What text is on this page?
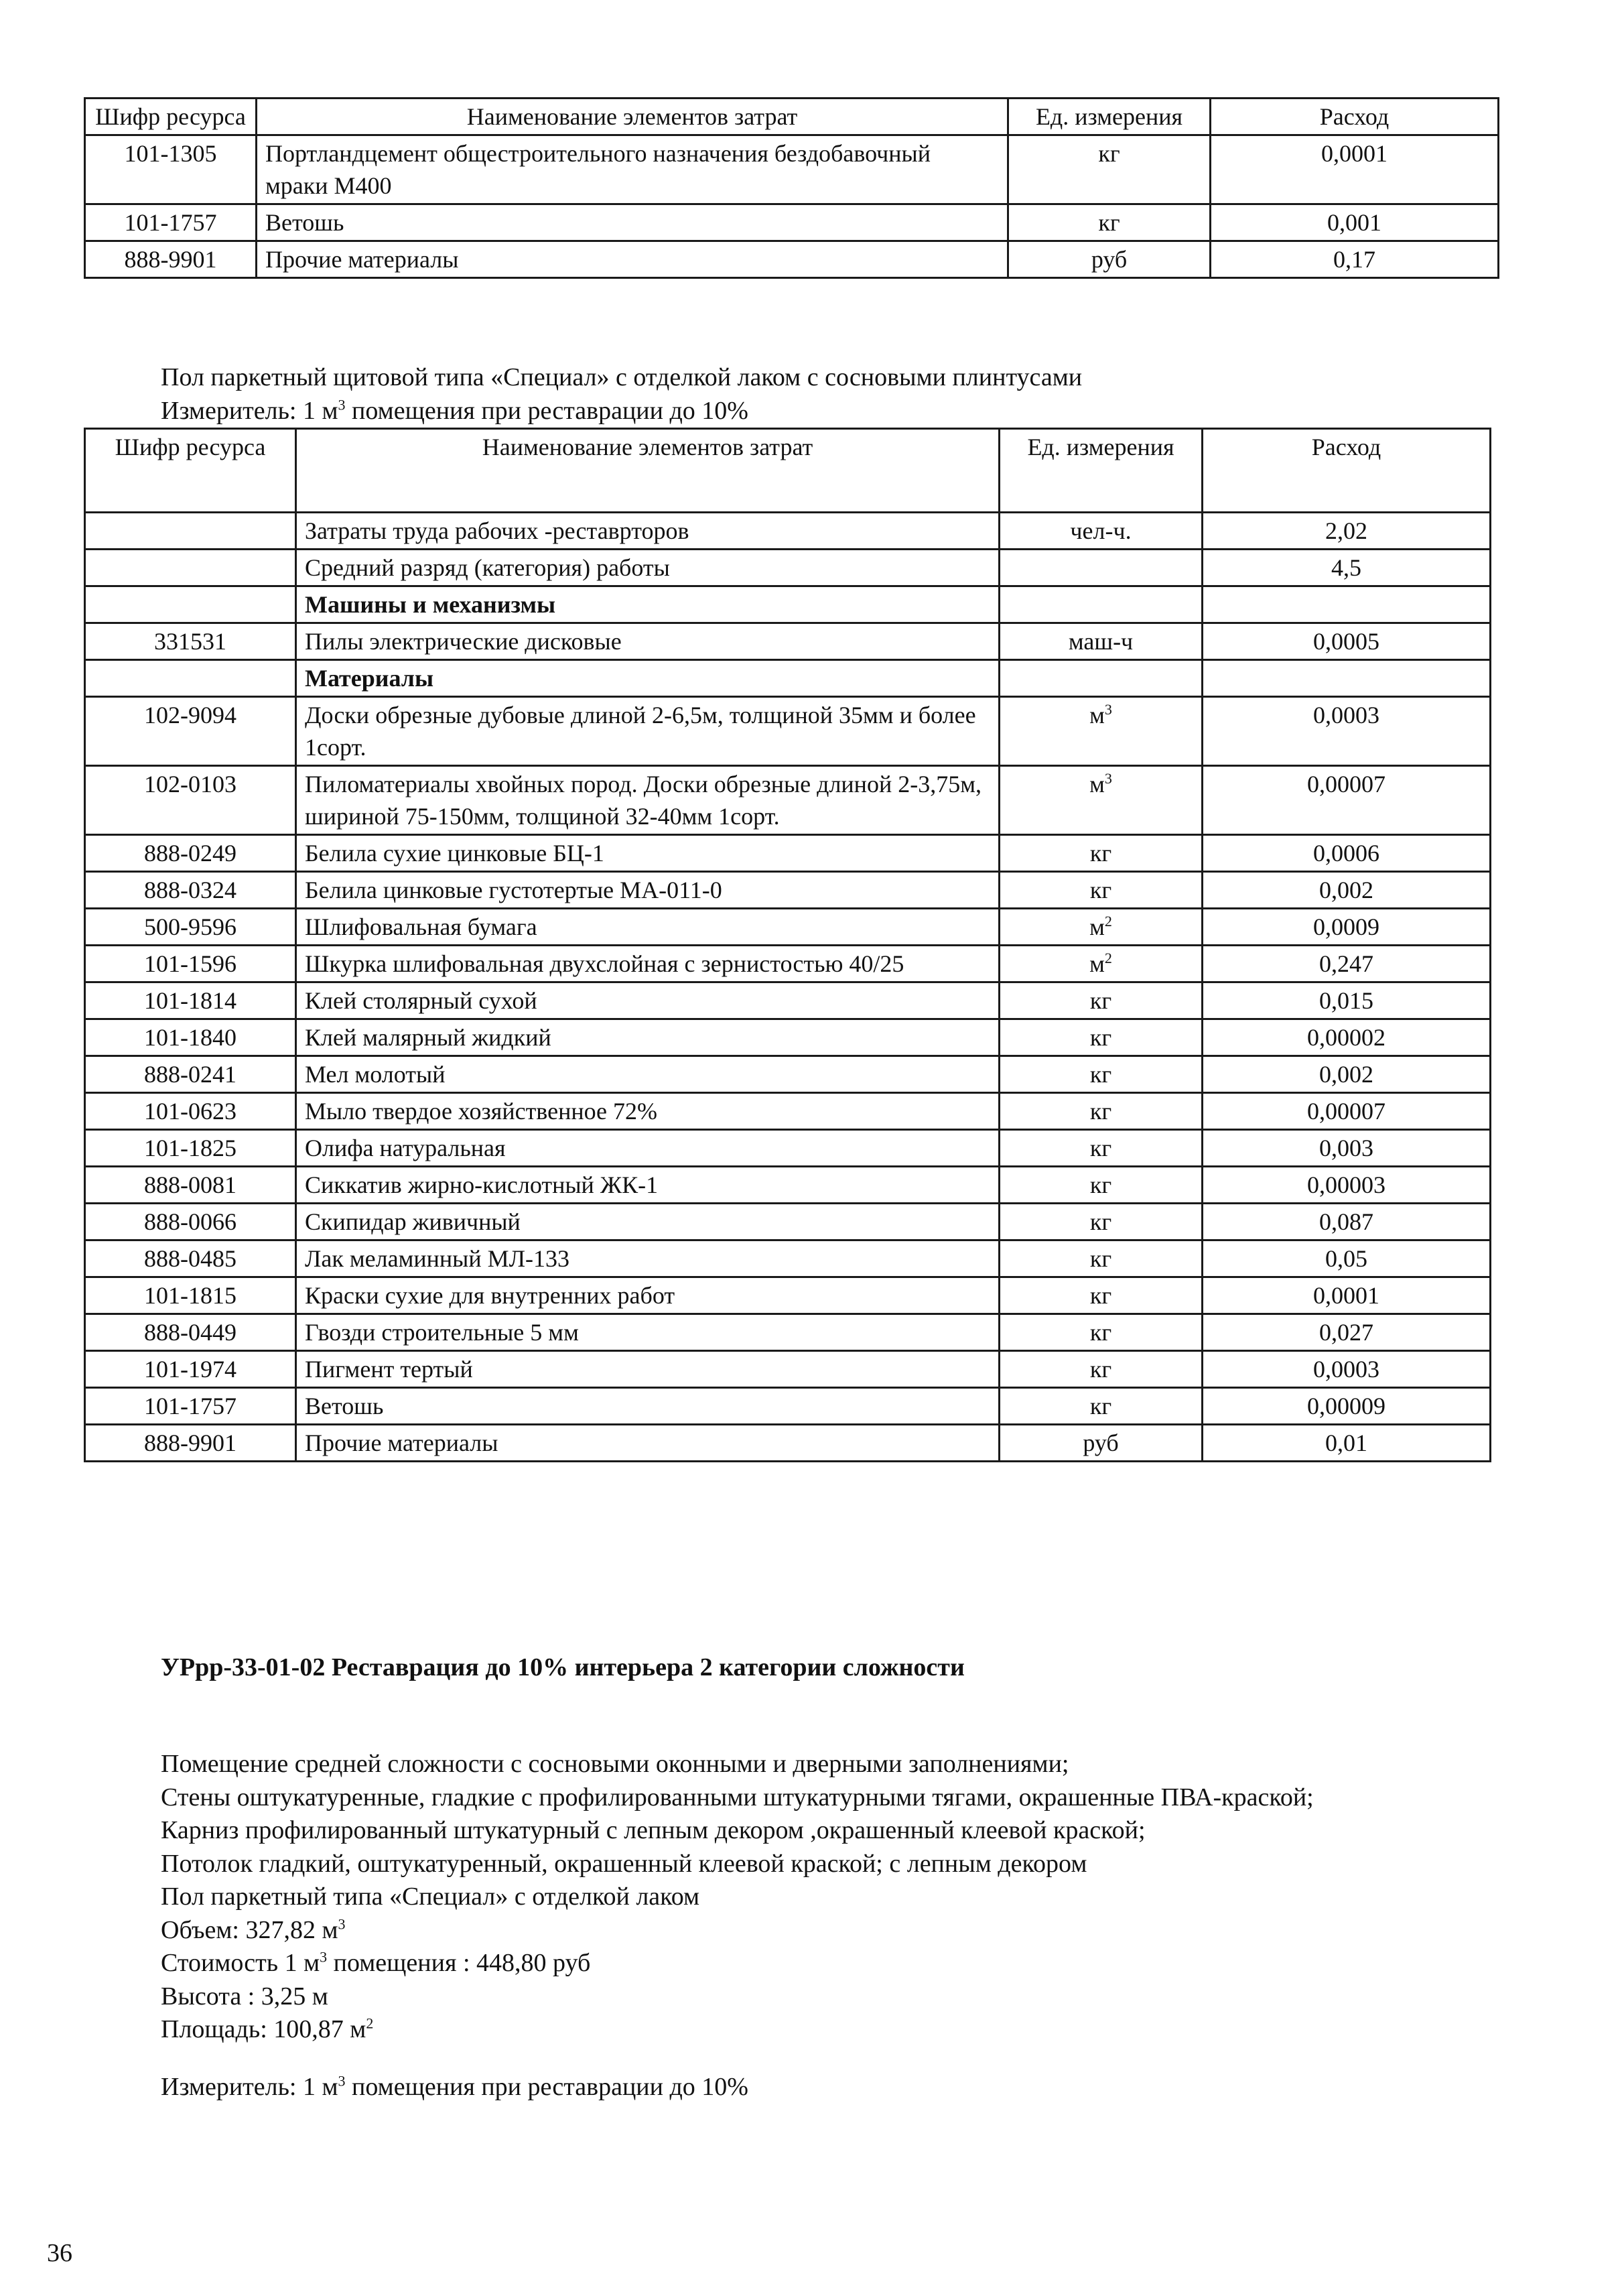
Шифр ресурса	Наименование элементов затрат	Ед. измерения	Расход
101-1305	Портландцемент общестроительного назначения бездобавочный мраки М400	кг	0,0001
101-1757	Ветошь	кг	0,001
888-9901	Прочие материалы	руб	0,17
Пол паркетный щитовой типа «Специал» с отделкой лаком с сосновыми плинтусами
Измеритель: 1 $м^3$ помещения при реставрации до 10%
Шифр ресурса	Наименование элементов затрат	Ед. измерения	Расход
	Затраты труда рабочих -реставрторов	чел-ч.	2,02
	Средний разряд (категория) работы		4,5
	Машины и механизмы		
331531	Пилы электрические дисковые	маш-ч	0,0005
	Материалы		
102-9094	Доски обрезные дубовые длиной 2-6,5м, толщиной 35мм и более 1сорт.	$м^3$	0,0003
102-0103	Пиломатериалы хвойных пород. Доски обрезные длиной 2-3,75м, шириной 75-150мм, толщиной 32-40мм 1сорт.	$м^3$	0,00007
888-0249	Белила сухие цинковые БЦ-1	кг	0,0006
888-0324	Белила цинковые густотертые МА-011-0	кг	0,002
500-9596	Шлифовальная бумага	$м^2$	0,0009
101-1596	Шкурка шлифовальная двухслойная с зернистостью 40/25	$м^2$	0,247
101-1814	Клей столярный сухой	кг	0,015
101-1840	Клей малярный жидкий	кг	0,00002
888-0241	Мел молотый	кг	0,002
101-0623	Мыло твердое хозяйственное 72%	кг	0,00007
101-1825	Олифа натуральная	кг	0,003
888-0081	Сиккатив жирно-кислотный ЖК-1	кг	0,00003
888-0066	Скипидар живичный	кг	0,087
888-0485	Лак меламинный МЛ-133	кг	0,05
101-1815	Краски сухие для внутренних работ	кг	0,0001
888-0449	Гвозди строительные 5 мм	кг	0,027
101-1974	Пигмент тертый	кг	0,0003
101-1757	Ветошь	кг	0,00009
888-9901	Прочие материалы	руб	0,01
УРрр-33-01-02 Реставрация до 10% интерьера 2 категории сложности
Помещение средней сложности с сосновыми оконными и дверными заполнениями;
Стены оштукатуренные, гладкие с профилированными штукатурными тягами, окрашенные ПВА-краской;
Карниз профилированный штукатурный с лепным декором ,окрашенный клеевой краской;
Потолок гладкий, оштукатуренный, окрашенный клеевой краской; с лепным декором
Пол паркетный типа «Специал» с отделкой лаком
Объем: 327,82 $м^3$
Стоимость 1 $м^3$ помещения : 448,80 руб
Высота : 3,25 м
Площадь: 100,87 $м^2$
Измеритель: 1 $м^3$ помещения при реставрации до 10%
36
